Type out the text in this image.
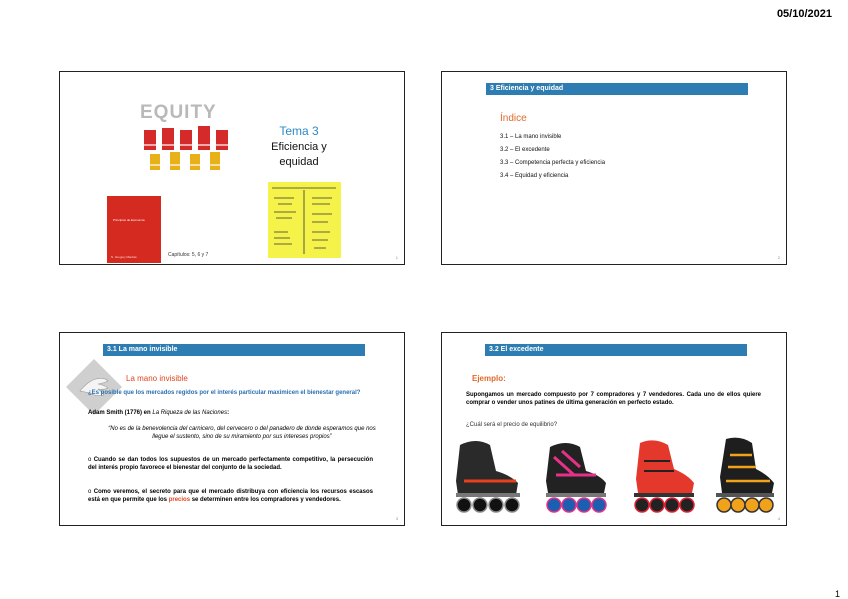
05/10/2021
EQUITY
Tema 3
Eficiencia y equidad
Principios de Economía
N. Gregory Mankiw	Capítulos: 5, 6 y 7	1
3 Eficiencia y equidad
Índice
3.1 – La mano invisible
3.2 – El excedente
3.3 – Competencia perfecta y eficiencia
3.4 – Equidad y eficiencia
2
3.1 La mano invisible
La mano invisible
¿Es posible que los mercados regidos por el interés particular maximicen el bienestar general?
Adam Smith (1776) en La Riqueza de las Naciones:
“No es de la benevolencia del carnicero, del cervecero o del panadero de donde esperamos que nos llegue el sustento, sino de su miramiento por sus intereses propios”
o Cuando se dan todos los supuestos de un mercado perfectamente competitivo, la persecución del interés propio favorece el bienestar del conjunto de la sociedad.
o Como veremos, el secreto para que el mercado distribuya con eficiencia los recursos escasos está en que permite que los precios se determinen entre los compradores y vendedores.
3
3.2 El excedente
Ejemplo:
Supongamos un mercado compuesto por 7 compradores y 7 vendedores. Cada uno de ellos quiere comprar o vender unos patines de última generación en perfecto estado.
¿Cuál será el precio de equilibrio?
4
1
